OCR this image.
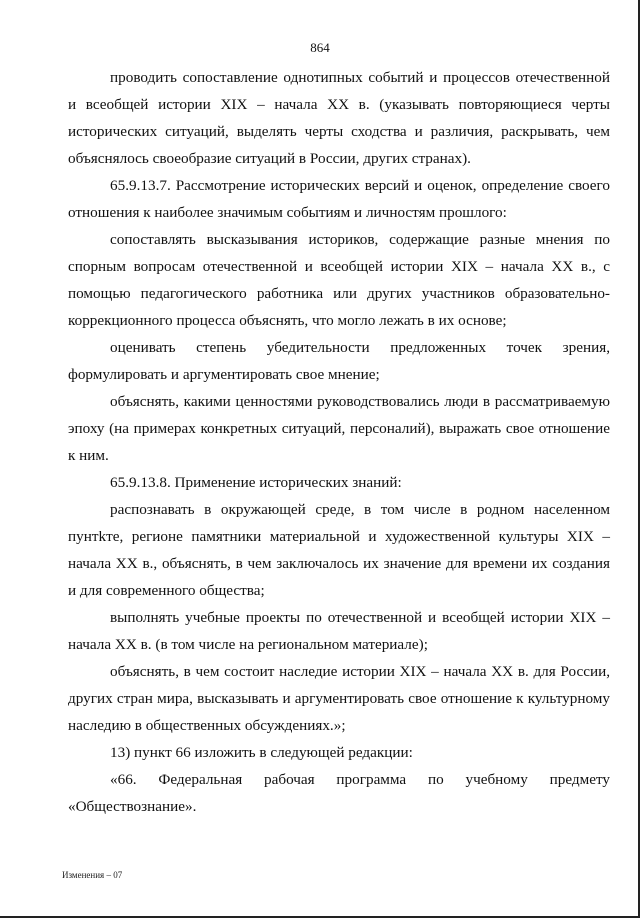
864

проводить сопоставление однотипных событий и процессов отечественной и всеобщей истории XIX – начала XX в. (указывать повторяющиеся черты исторических ситуаций, выделять черты сходства и различия, раскрывать, чем объяснялось своеобразие ситуаций в России, других странах).

65.9.13.7. Рассмотрение исторических версий и оценок, определение своего отношения к наиболее значимым событиям и личностям прошлого:

сопоставлять высказывания историков, содержащие разные мнения по спорным вопросам отечественной и всеобщей истории XIX – начала XX в., с помощью педагогического работника или других участников образовательно-коррекционного процесса объяснять, что могло лежать в их основе;

оценивать степень убедительности предложенных точек зрения, формулировать и аргументировать свое мнение;

объяснять, какими ценностями руководствовались люди в рассматриваемую эпоху (на примерах конкретных ситуаций, персоналий), выражать свое отношение к ним.

65.9.13.8. Применение исторических знаний:

распознавать в окружающей среде, в том числе в родном населенном пунтkте, регионе памятники материальной и художественной культуры XIX – начала XX в., объяснять, в чем заключалось их значение для времени их создания и для современного общества;

выполнять учебные проекты по отечественной и всеобщей истории XIX – начала XX в. (в том числе на региональном материале);

объяснять, в чем состоит наследие истории XIX – начала XX в. для России, других стран мира, высказывать и аргументировать свое отношение к культурному наследию в общественных обсуждениях.»;

13) пункт 66 изложить в следующей редакции:

«66. Федеральная рабочая программа по учебному предмету «Обществознание».

Изменения – 07
